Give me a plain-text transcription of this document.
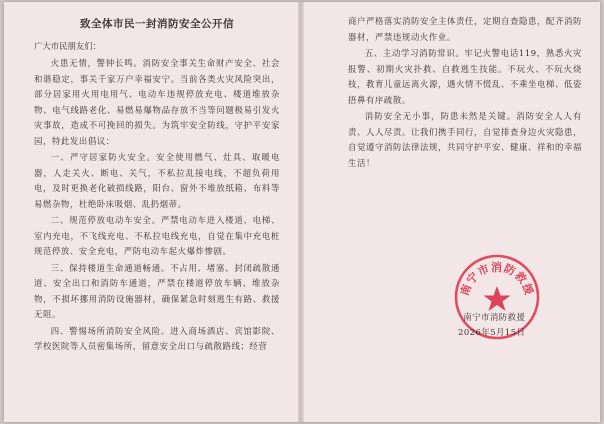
致全体市民一封消防安全公开信
广大市民朋友们：

火患无情，警钟长鸣。消防安全事关生命财产安全、社会和谐稳定，事关千家万户幸福安宁。当前各类火灾风险突出，部分居家用火用电用气、电动车违规停放充电、楼道堆放杂物、电气线路老化、易燃易爆物品存放不当等问题极易引发火灾事故，造成不可挽回的损失。为筑牢安全防线，守护平安家园，特此发出倡议：

一、严守居家防火安全。安全使用燃气、灶具、取暖电器，人走关火、断电、关气，不私拉乱接电线，不超负荷用电，及时更换老化破损线路，阳台、窗外不堆放纸箱、布料等易燃杂物，杜绝卧床吸烟、乱扔烟蒂。

二、规范停放电动车安全。严禁电动车进入楼道、电梯、室内充电，不飞线充电、不私拉电线充电，自觉在集中充电桩规范停放、安全充电，严防电动车起火爆炸惨剧。

三、保持楼道生命通道畅通。不占用、堵塞、封闭疏散通道、安全出口和消防车通道，严禁在楼道停放车辆、堆放杂物，不损坏挪用消防设施器材，确保紧急时刻逃生有路、救援无阻。

四、警惕场所消防安全风险。进入商场酒店、宾馆影院、学校医院等人员密集场所，留意安全出口与疏散路线；经营

商户严格落实消防安全主体责任，定期自查隐患，配齐消防器材，严禁违规动火作业。

五、主动学习消防常识。牢记火警电话119，熟悉火灾报警、初期火灾扑救、自救逃生技能。不玩火、不玩火烧枝，教育儿童远离火源，遇火情不慌乱、不乘坐电梯、低姿捂鼻有序疏散。

消防安全无小事，防患未然是关键。消防安全人人有责、人人尽责。让我们携手同行，自觉排查身边火灾隐患，自觉遵守消防法律法规，共同守护平安、健康、祥和的幸福生活！

南宁市消防救援
南宁市消防救援
2026年5月15日
